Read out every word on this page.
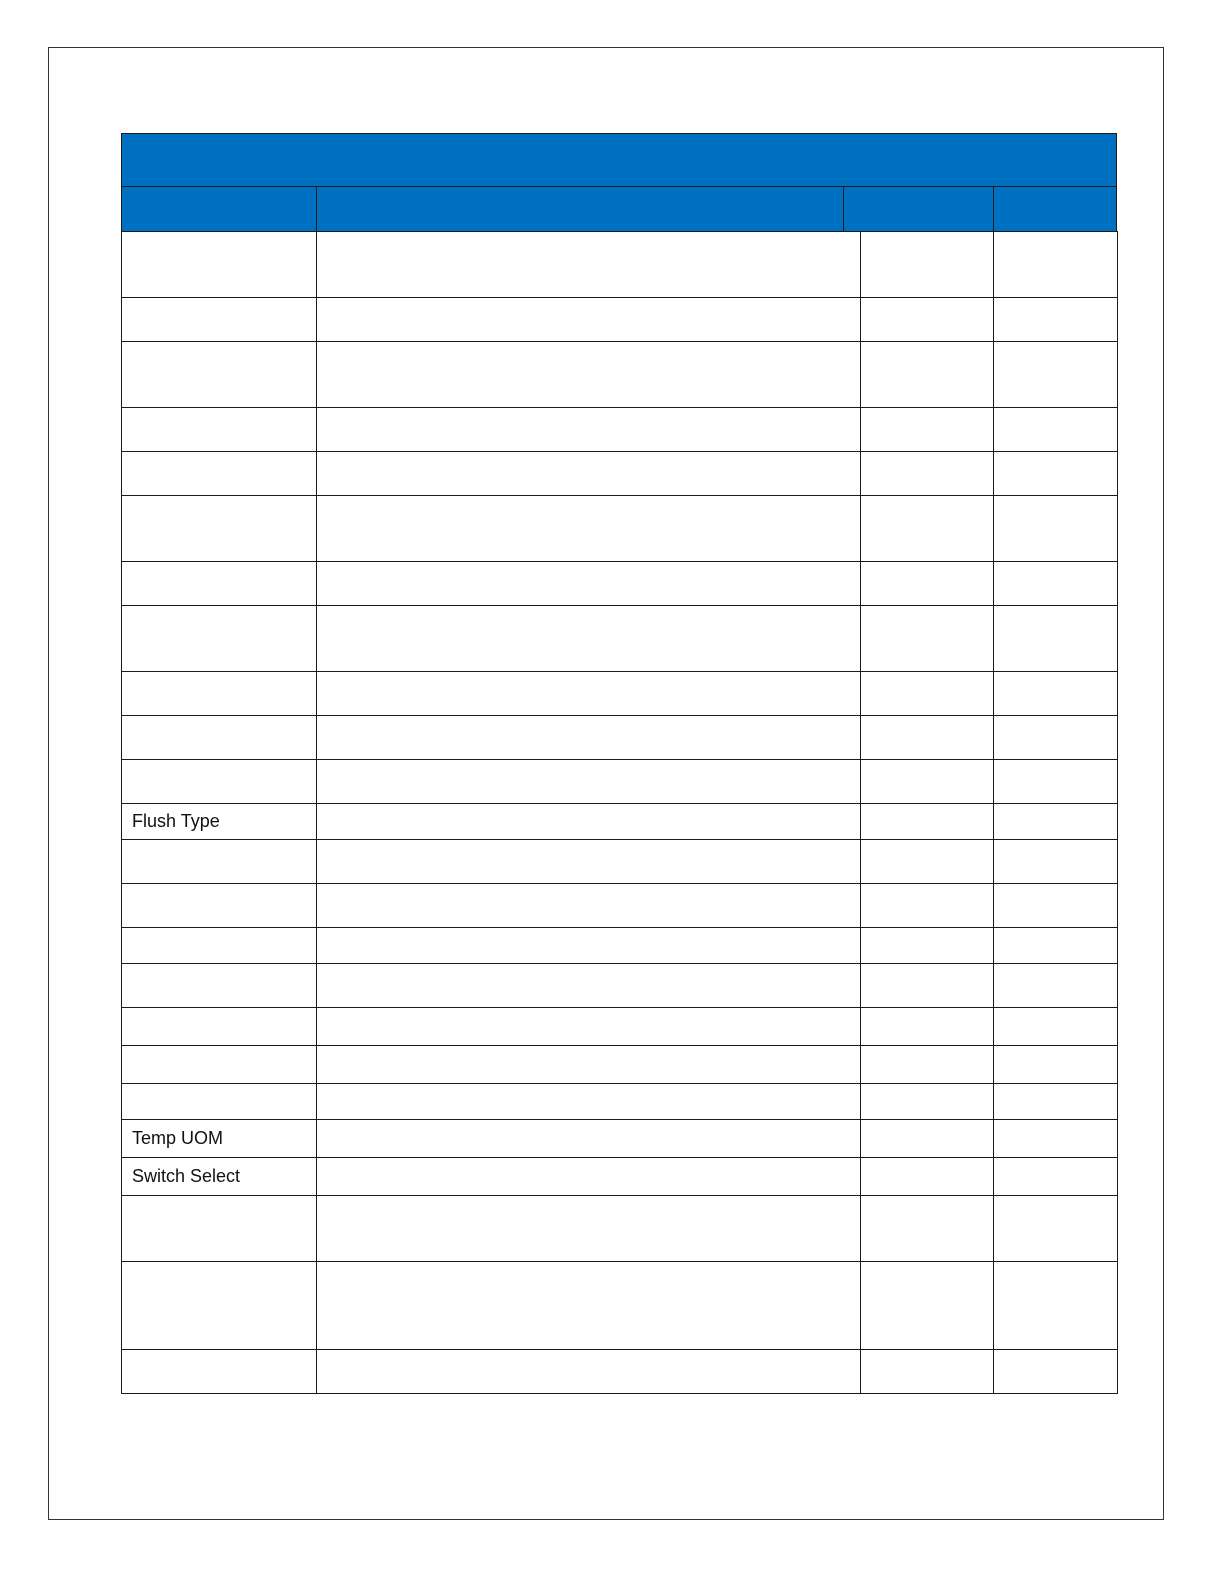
Flush Type			

Temp UOM			
Switch Select			
